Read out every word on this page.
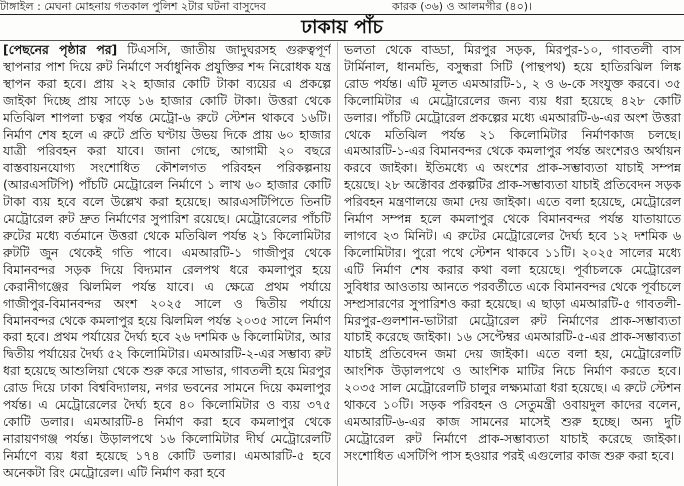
টাঙ্গাইল : মেঘনা মোহনায় গতকাল পুলিশ ২টার ঘটনা বাসুদেব	কারক (৩৬) ও আলমগীর (৪০)।
ঢাকায় পাঁচ

[পেছনের পৃষ্ঠার পর] টিএসসি, জাতীয় জাদুঘরসহ গুরুত্বপূর্ণ স্থাপনার পাশ দিয়ে রুট নির্মাণে সর্বাধুনিক প্রযুক্তির শব্দ নিরোধক যন্ত্র স্থাপন করা হবে। প্রায় ২২ হাজার কোটি টাকা ব্যয়ের এ প্রকল্পে জাইকা দিচ্ছে প্রায় সাড়ে ১৬ হাজার কোটি টাকা। উত্তরা থেকে মতিঝিল শাপলা চত্বর পর্যন্ত মেট্রো-৬ রুটে স্টেশন থাকবে ১৬টি। নির্মাণ শেষ হলে এ রুটে প্রতি ঘণ্টায় উভয় দিকে প্রায় ৬০ হাজার যাত্রী পরিবহন করা যাবে। জানা গেছে, আগামী ২০ বছরে বাস্তবায়নযোগ্য সংশোধিত কৌশলগত পরিবহন পরিকল্পনায় (আরএসটিপি) পাঁচটি মেট্রোরেল নির্মাণে ১ লাখ ৬০ হাজার কোটি টাকা ব্যয় হবে বলে উল্লেখ করা হয়েছে। আরএসটিপিতে তিনটি মেট্রোরেল রুট দ্রুত নির্মাণের সুপারিশ রয়েছে। মেট্রোরেলের পাঁচটি রুটের মধ্যে বর্তমানে উত্তরা থেকে মতিঝিল পর্যন্ত ২১ কিলোমিটার রুটটি জুন থেকেই গতি পাবে। এমআরটি-১ গাজীপুর থেকে বিমানবন্দর সড়ক দিয়ে বিদ্যমান রেলপথ ধরে কমলাপুর হয়ে কেরানীগঞ্জের ঝিলমিল পর্যন্ত যাবে। এ ক্ষেত্রে প্রথম পর্যায়ে গাজীপুর-বিমানবন্দর অংশ ২০২৫ সালে ও দ্বিতীয় পর্যায়ে বিমানবন্দর থেকে কমলাপুর হয়ে ঝিলমিল পর্যন্ত ২০৩৫ সালে নির্মাণ করা হবে। প্রথম পর্যায়ের দৈর্ঘ্য হবে ২৬ দশমিক ৬ কিলোমিটার, আর দ্বিতীয় পর্যায়ের দৈর্ঘ্য ৫২ কিলোমিটার। এমআরটি-২-এর সম্ভাব্য রুট ধরা হয়েছে আশুলিয়া থেকে শুরু করে সাভার, গাবতলী হয়ে মিরপুর রোড দিয়ে ঢাকা বিশ্ববিদ্যালয়, নগর ভবনের সামনে দিয়ে কমলাপুর পর্যন্ত। এ মেট্রোরেলের দৈর্ঘ্য হবে ৪০ কিলোমিটার ও ব্যয় ৩৭৫ কোটি ডলার। এমআরটি-৪ নির্মাণ করা হবে কমলাপুর থেকে নারায়ণগঞ্জ পর্যন্ত। উড়ালপথে ১৬ কিলোমিটার দীর্ঘ মেট্রোরেলটি নির্মাণে ব্যয় ধরা হয়েছে ১৭৪ কোটি ডলার। এমআরটি-৫ হবে অনেকটা রিং মেট্রোরেল। এটি নির্মাণ করা হবে

ভলতা থেকে বাড্ডা, মিরপুর সড়ক, মিরপুর-১০, গাবতলী বাস টার্মিনাল, ধানমন্ডি, বসুন্ধরা সিটি (পান্থপথ) হয়ে হাতিরঝিল লিঙ্ক রোড পর্যন্ত। এটি মূলত এমআরটি-১, ২ ও ৬-কে সংযুক্ত করবে। ৩৫ কিলোমিটার এ মেট্রোরেলের জন্য ব্যয় ধরা হয়েছে ৪২৮ কোটি ডলার। পাঁচটি মেট্রোরেল প্রকল্পের মধ্যে এমআরটি-৬-এর অংশ উত্তরা থেকে মতিঝিল পর্যন্ত ২১ কিলোমিটার নির্মাণকাজ চলছে। এমআরটি-১-এর বিমানবন্দর থেকে কমলাপুর পর্যন্ত অংশেরও অর্থায়ন করবে জাইকা। ইতিমধ্যে এ অংশের প্রাক-সম্ভাব্যতা যাচাই সম্পন্ন হয়েছে। ২৮ অক্টোবর প্রকল্পটির প্রাক-সম্ভাব্যতা যাচাই প্রতিবেদন সড়ক পরিবহন মন্ত্রণালয়ে জমা দেয় জাইকা। এতে বলা হয়েছে, মেট্রোরেল নির্মাণ সম্পন্ন হলে কমলাপুর থেকে বিমানবন্দর পর্যন্ত যাতায়াতে লাগবে ২৩ মিনিট। এ রুটের মেট্রোরেলের দৈর্ঘ্য হবে ১২ দশমিক ৬ কিলোমিটার। পুরো পথে স্টেশন থাকবে ১১টি। ২০২৫ সালের মধ্যে এটি নির্মাণ শেষ করার কথা বলা হয়েছে। পূর্বাচলকে মেট্রোরেল সুবিধার আওতায় আনতে পরবর্তীতে একে বিমানবন্দর থেকে পূর্বাচলে সম্প্রসারণের সুপারিশও করা হয়েছে। এ ছাড়া এমআরটি-৫ গাবতলী-মিরপুর-গুলশান-ভাটারা মেট্রোরেল রুট নির্মাণের প্রাক-সম্ভাব্যতা যাচাই করেছে জাইকা। ১৬ সেপ্টেম্বর এমআরটি-৫-এর প্রাক-সম্ভাব্যতা যাচাই প্রতিবেদন জমা দেয় জাইকা। এতে বলা হয়, মেট্রোরেলটি আংশিক উড়ালপথে ও আংশিক মাটির নিচে নির্মাণ করতে হবে। ২০৩৫ সাল মেট্রোরেলটি চালুর লক্ষ্যমাত্রা ধরা হয়েছে। এ রুটে স্টেশন থাকবে ১০টি। সড়ক পরিবহন ও সেতুমন্ত্রী ওবায়দুল কাদের বলেন, এমআরটি-৬-এর কাজ সামনের মাসেই শুরু হচ্ছে। অন্য দুটি মেট্রোরেল রুট নির্মাণে প্রাক-সম্ভাব্যতা যাচাই করেছে জাইকা। সংশোধিত এসটিপি পাস হওয়ার পরই এগুলোর কাজ শুরু করা হবে।
